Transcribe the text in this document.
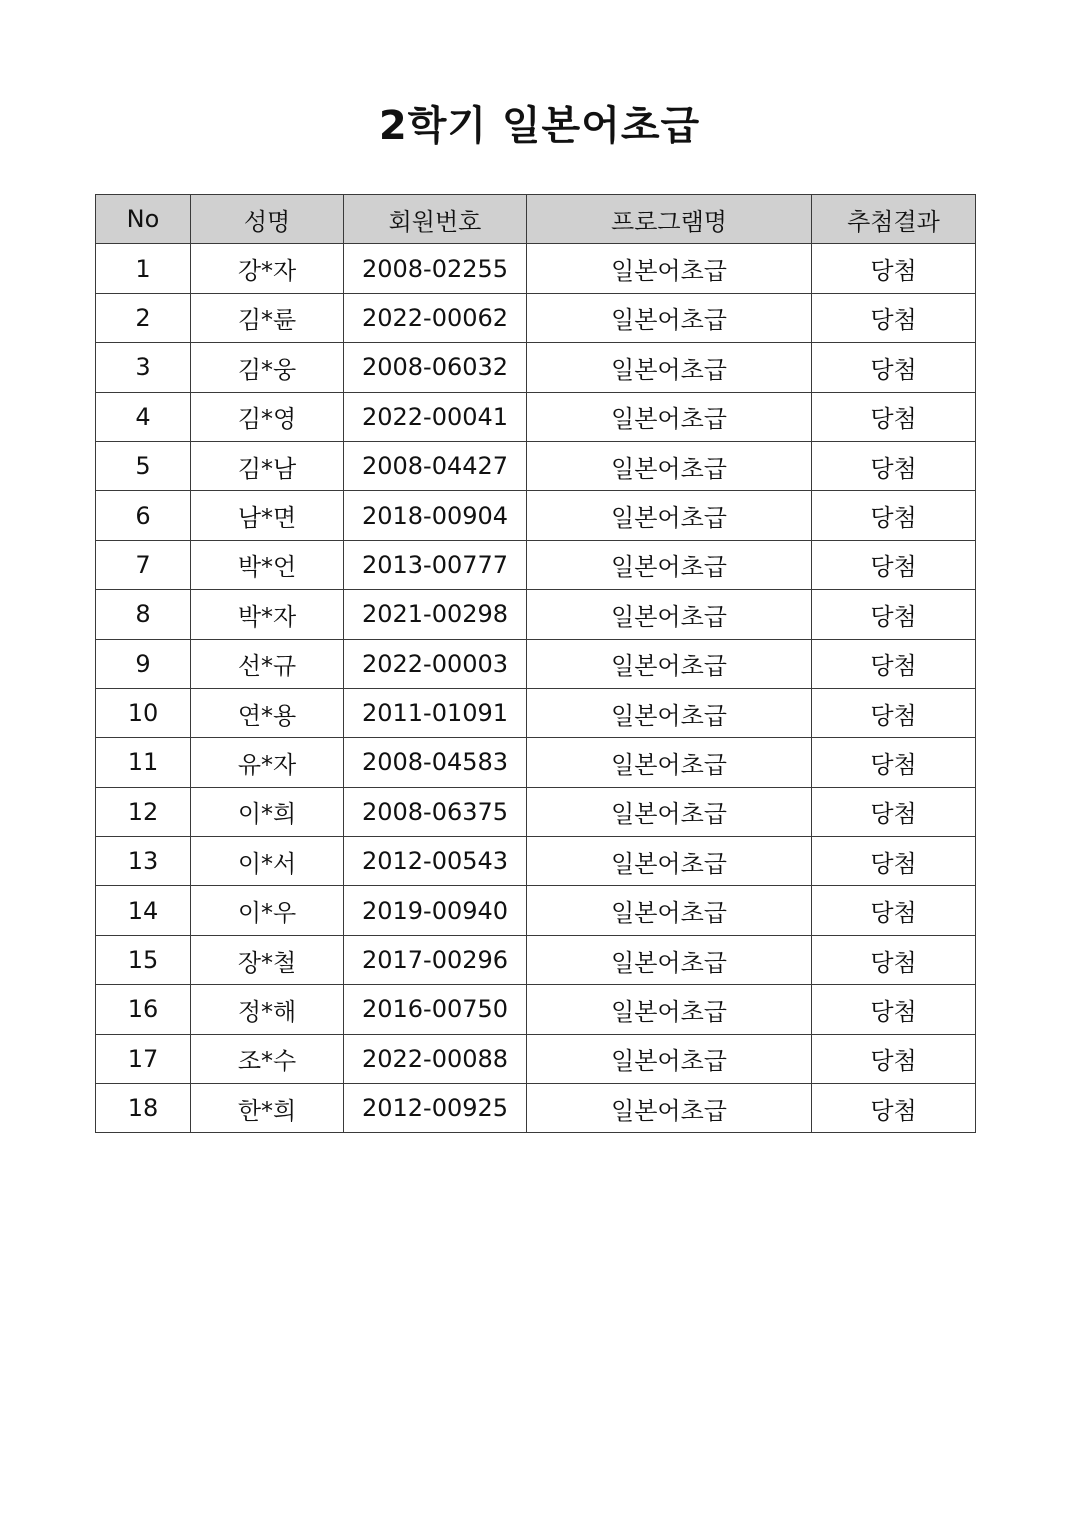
2학기 일본어초급
No	성명	회원번호	프로그램명	추첨결과
1	강*자	2008-02255	일본어초급	당첨
2	김*륜	2022-00062	일본어초급	당첨
3	김*웅	2008-06032	일본어초급	당첨
4	김*영	2022-00041	일본어초급	당첨
5	김*남	2008-04427	일본어초급	당첨
6	남*면	2018-00904	일본어초급	당첨
7	박*언	2013-00777	일본어초급	당첨
8	박*자	2021-00298	일본어초급	당첨
9	선*규	2022-00003	일본어초급	당첨
10	연*용	2011-01091	일본어초급	당첨
11	유*자	2008-04583	일본어초급	당첨
12	이*희	2008-06375	일본어초급	당첨
13	이*서	2012-00543	일본어초급	당첨
14	이*우	2019-00940	일본어초급	당첨
15	장*철	2017-00296	일본어초급	당첨
16	정*해	2016-00750	일본어초급	당첨
17	조*수	2022-00088	일본어초급	당첨
18	한*희	2012-00925	일본어초급	당첨
